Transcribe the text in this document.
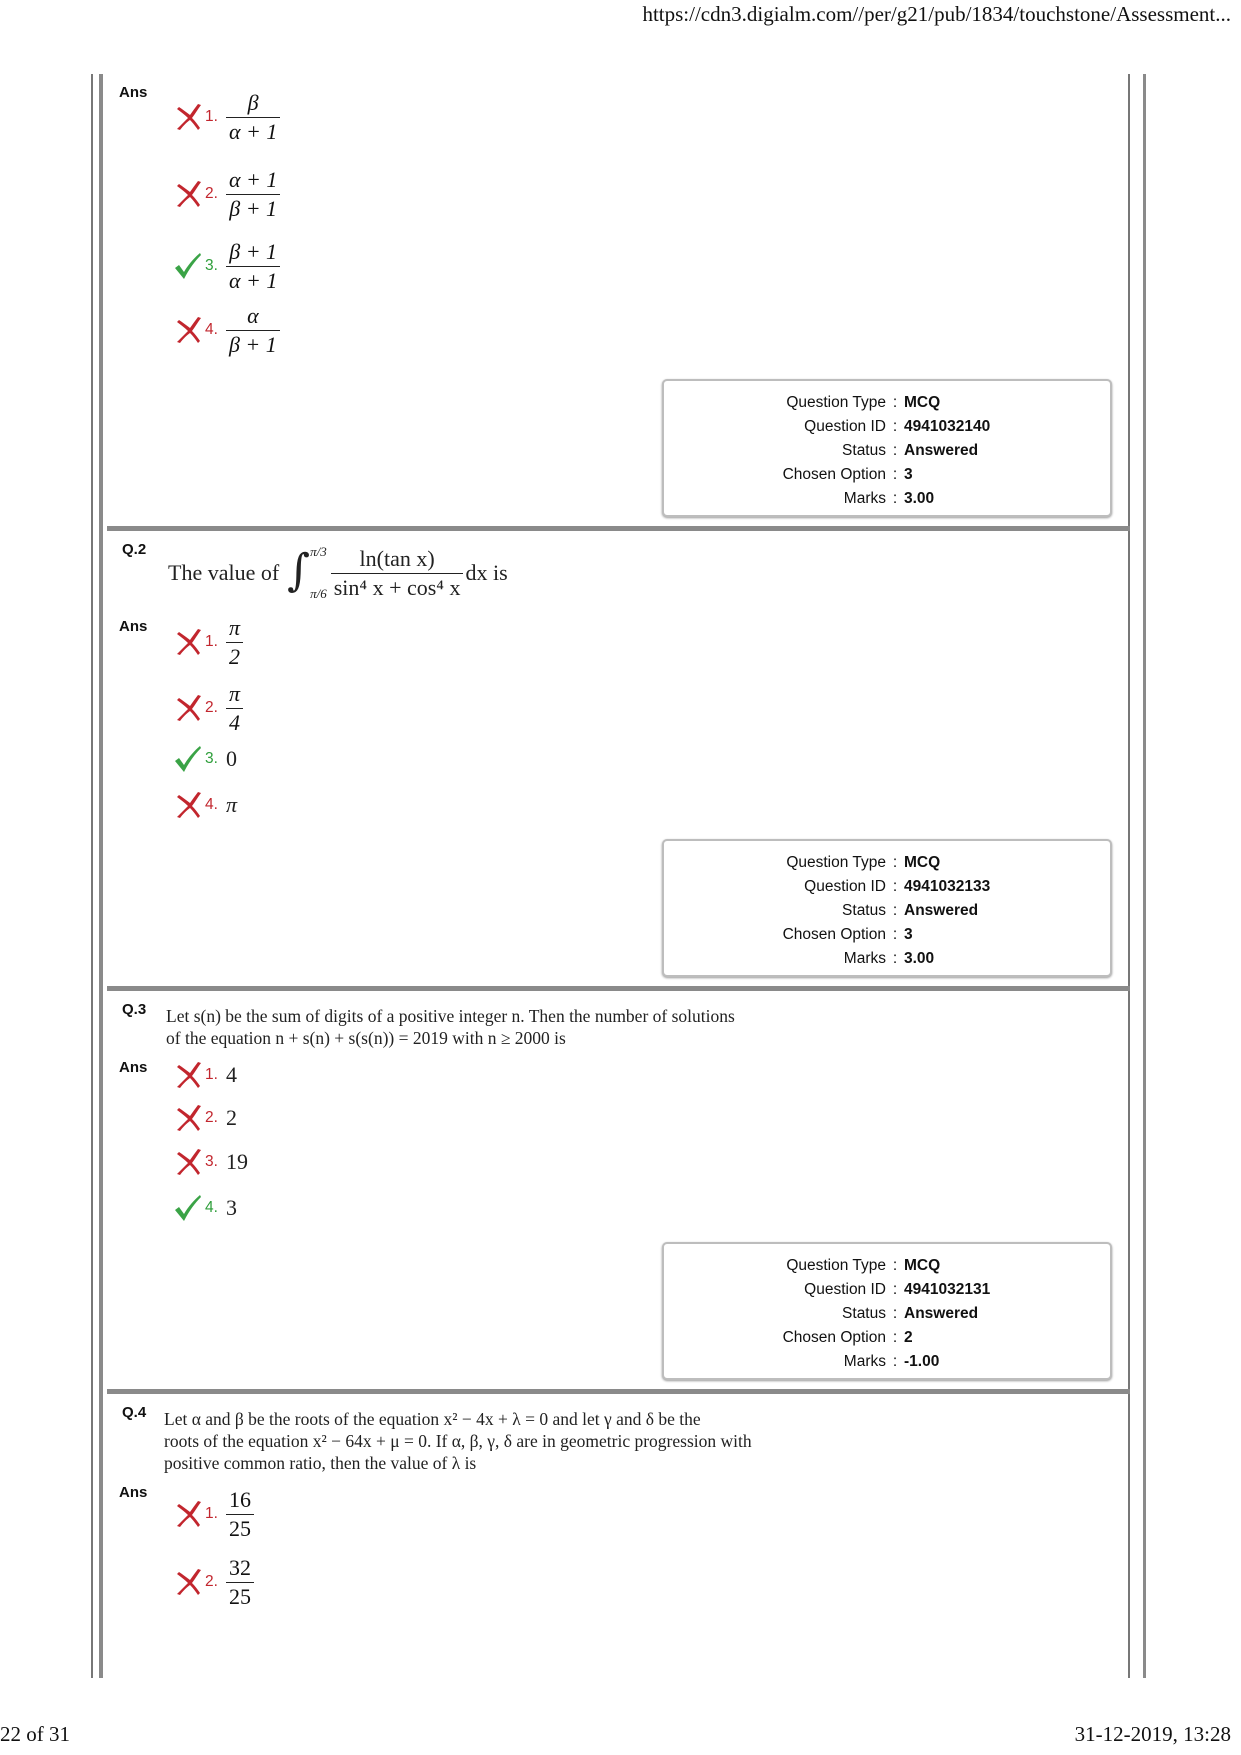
https://cdn3.digialm.com//per/g21/pub/1834/touchstone/Assessment...
Ans
1. $\frac{\beta}{\alpha + 1}$
2. $\frac{\alpha + 1}{\beta + 1}$
3. $\frac{\beta + 1}{\alpha + 1}$
4. $\frac{\alpha}{\beta + 1}$
Question Type : MCQ
Question ID : 4941032140
Status : Answered
Chosen Option : 3
Marks : 3.00
Q.2
The value of ∫ π/3
$\pi/6 \frac{\text{ln(tan x)}}{\text{sin⁴ x + cos⁴ x}}$ dx is
Ans
1. $\frac{\pi}{2}$
2. $\frac{\pi}{4}$
3. 0
4. π
Question Type : MCQ
Question ID : 4941032133
Status : Answered
Chosen Option : 3
Marks : 3.00
Q.3 Let s(n) be the sum of digits of a positive integer n. Then the number of solutions
of the equation n + s(n) + s(s(n)) = 2019 with n ≥ 2000 is
Ans	1. 4
2. 2
3. 19
4. 3
Question Type : MCQ
Question ID : 4941032131
Status : Answered
Chosen Option : 2
Marks : -1.00
Q.4 Let α and β be the roots of the equation x² − 4x + λ = 0 and let γ and δ be the
roots of the equation x² − 64x + μ = 0. If α, β, γ, δ are in geometric progression with
positive common ratio, then the value of λ is
Ans
1. $\frac{16}{25}$
2. $\frac{32}{25}$
22 of 31	31-12-2019, 13:28
